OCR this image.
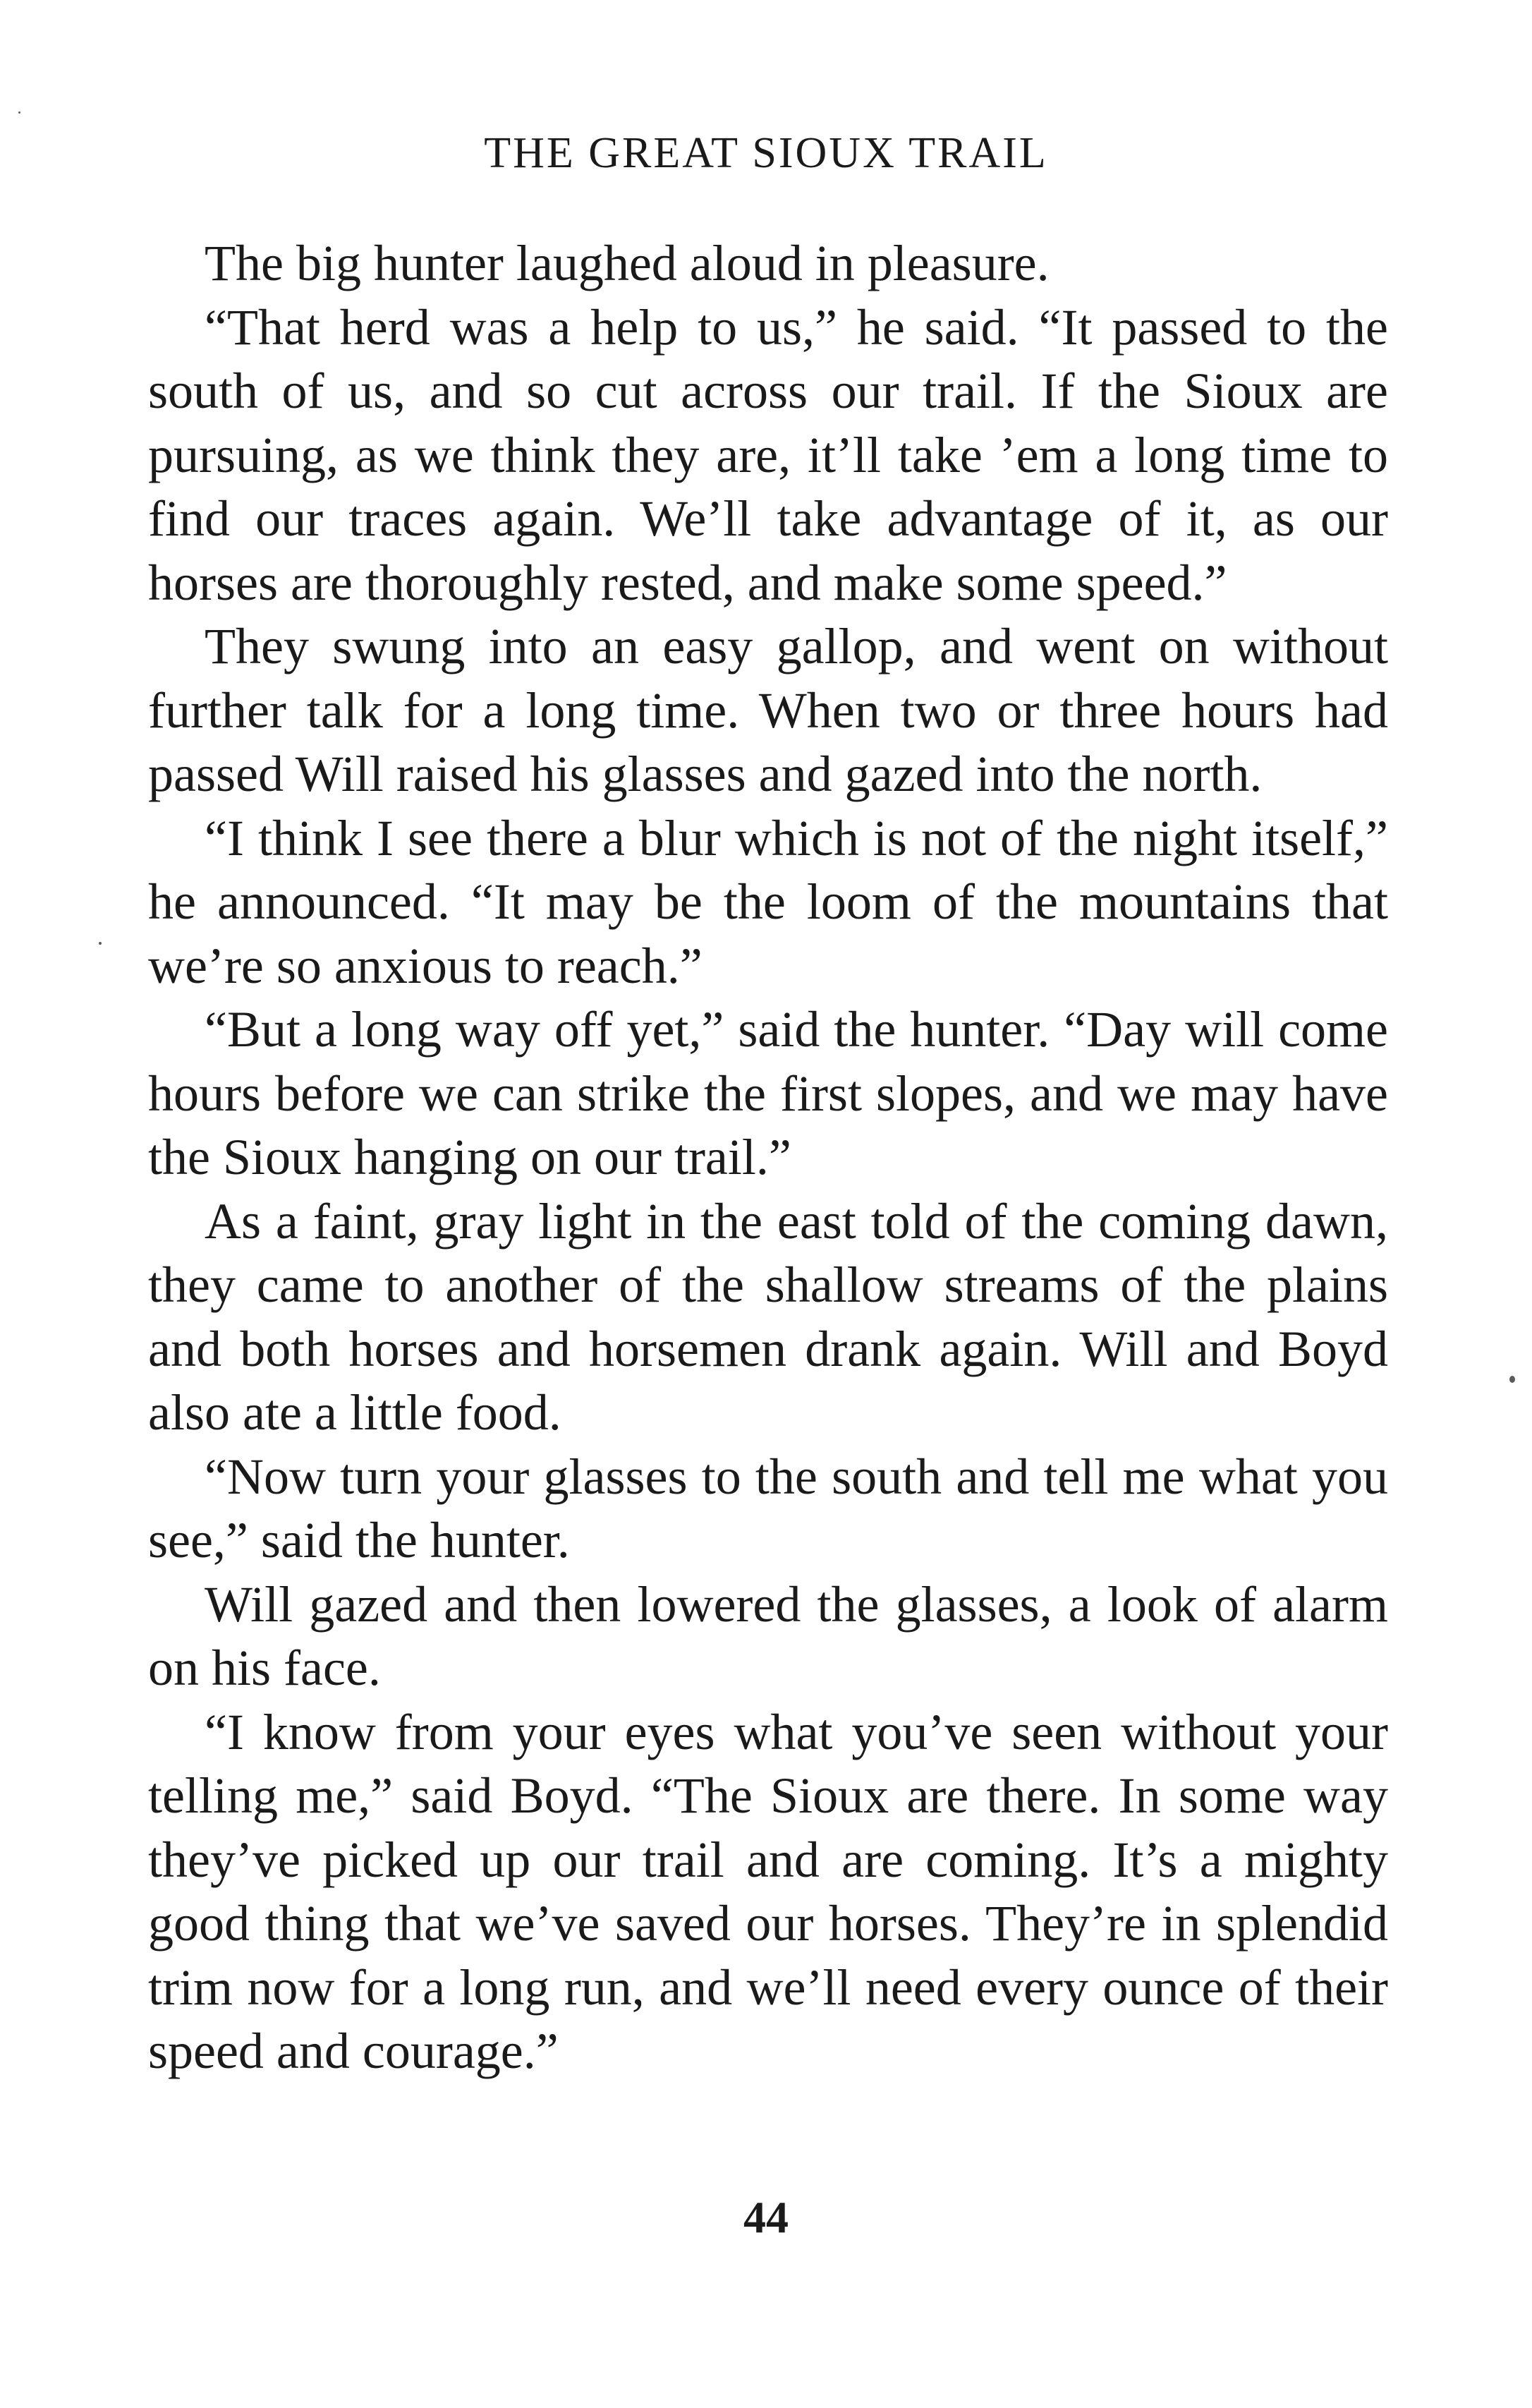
THE GREAT SIOUX TRAIL

The big hunter laughed aloud in pleasure.

“That herd was a help to us,” he said. “It passed to the south of us, and so cut across our trail. If the Sioux are pursuing, as we think they are, it’ll take ’em a long time to find our traces again. We’ll take advantage of it, as our horses are thoroughly rested, and make some speed.”

They swung into an easy gallop, and went on without further talk for a long time. When two or three hours had passed Will raised his glasses and gazed into the north.

“I think I see there a blur which is not of the night itself,” he announced. “It may be the loom of the mountains that we’re so anxious to reach.”

“But a long way off yet,” said the hunter. “Day will come hours before we can strike the first slopes, and we may have the Sioux hanging on our trail.”

As a faint, gray light in the east told of the coming dawn, they came to another of the shallow streams of the plains and both horses and horsemen drank again. Will and Boyd also ate a little food.

“Now turn your glasses to the south and tell me what you see,” said the hunter.

Will gazed and then lowered the glasses, a look of alarm on his face.

“I know from your eyes what you’ve seen without your telling me,” said Boyd. “The Sioux are there. In some way they’ve picked up our trail and are coming. It’s a mighty good thing that we’ve saved our horses. They’re in splendid trim now for a long run, and we’ll need every ounce of their speed and courage.”

44
